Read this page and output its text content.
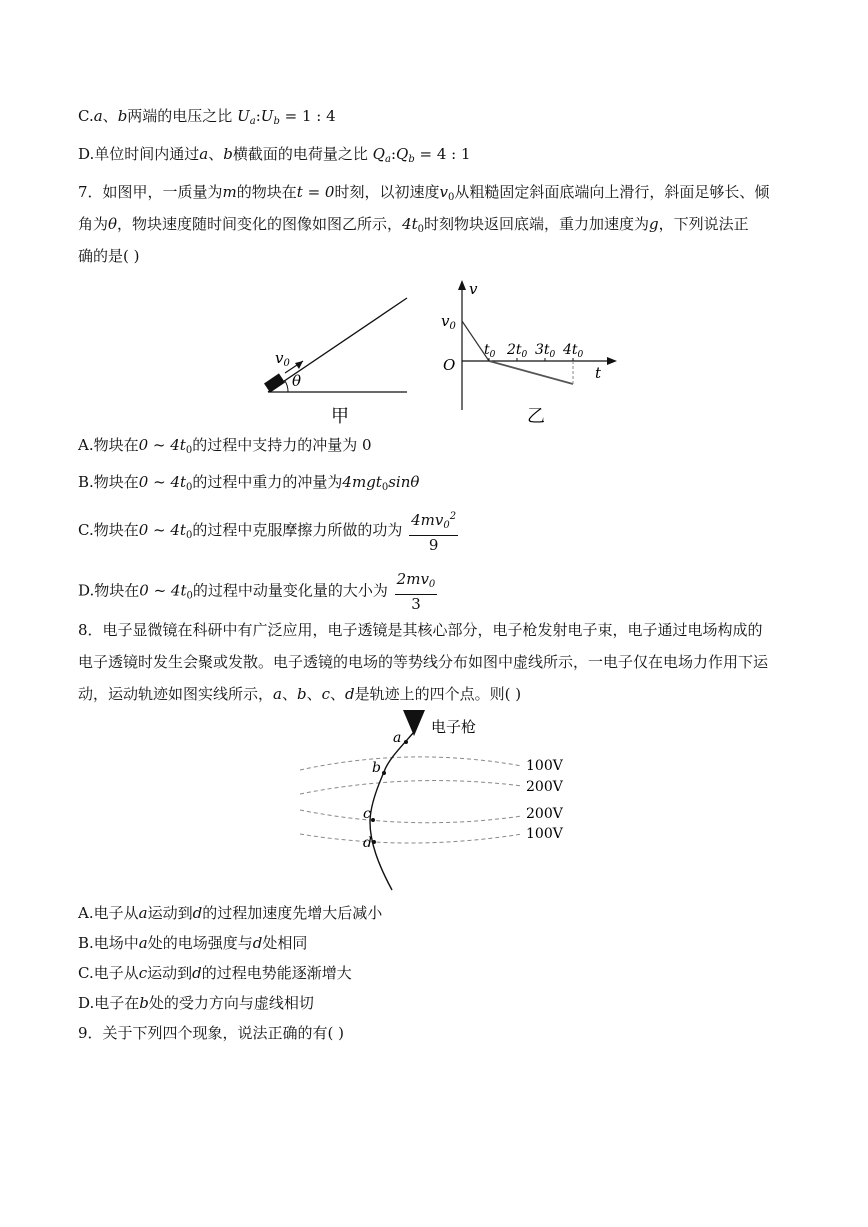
C.a、b两端的电压之比 $U_a:U_b = 1$ : 4
D.单位时间内通过a、b横截面的电荷量之比 $Q_a:Q_b = 4$ : 1
7．如图甲，一质量为m的物块在t = 0时刻，以初速度$v_0$从粗糙固定斜面底端向上滑行，斜面足够长、倾
角为θ，物块速度随时间变化的图像如图乙所示，$4t_0$时刻物块返回底端，重力加速度为g，下列说法正
确的是( )
$v_0$
θ
甲
v
t
O
$v_0$
$t_0$ $2t_0$ $3t_0$ $4t_0$
乙
A.物块在0 ~ $4t_0$的过程中支持力的冲量为 0
B.物块在0 ~ $4t_0$的过程中重力的冲量为4mgt$_0$sinθ
C.物块在0 ~ $4t_0$的过程中克服摩擦力所做的功为 $\frac{4mv_0^2}{9}$
D.物块在0 ~ $4t_0$的过程中动量变化量的大小为 $\frac{2mv_0}{3}$
8．电子显微镜在科研中有广泛应用，电子透镜是其核心部分，电子枪发射电子束，电子通过电场构成的
电子透镜时发生会聚或发散。电子透镜的电场的等势线分布如图中虚线所示，一电子仅在电场力作用下运
动，运动轨迹如图实线所示，a、b、c、d是轨迹上的四个点。则( )
电子枪
a
b
c
d
100V
200V
200V
100V
A.电子从a运动到d的过程加速度先增大后减小
B.电场中a处的电场强度与d处相同
C.电子从c运动到d的过程电势能逐渐增大
D.电子在b处的受力方向与虚线相切
9．关于下列四个现象，说法正确的有( )
